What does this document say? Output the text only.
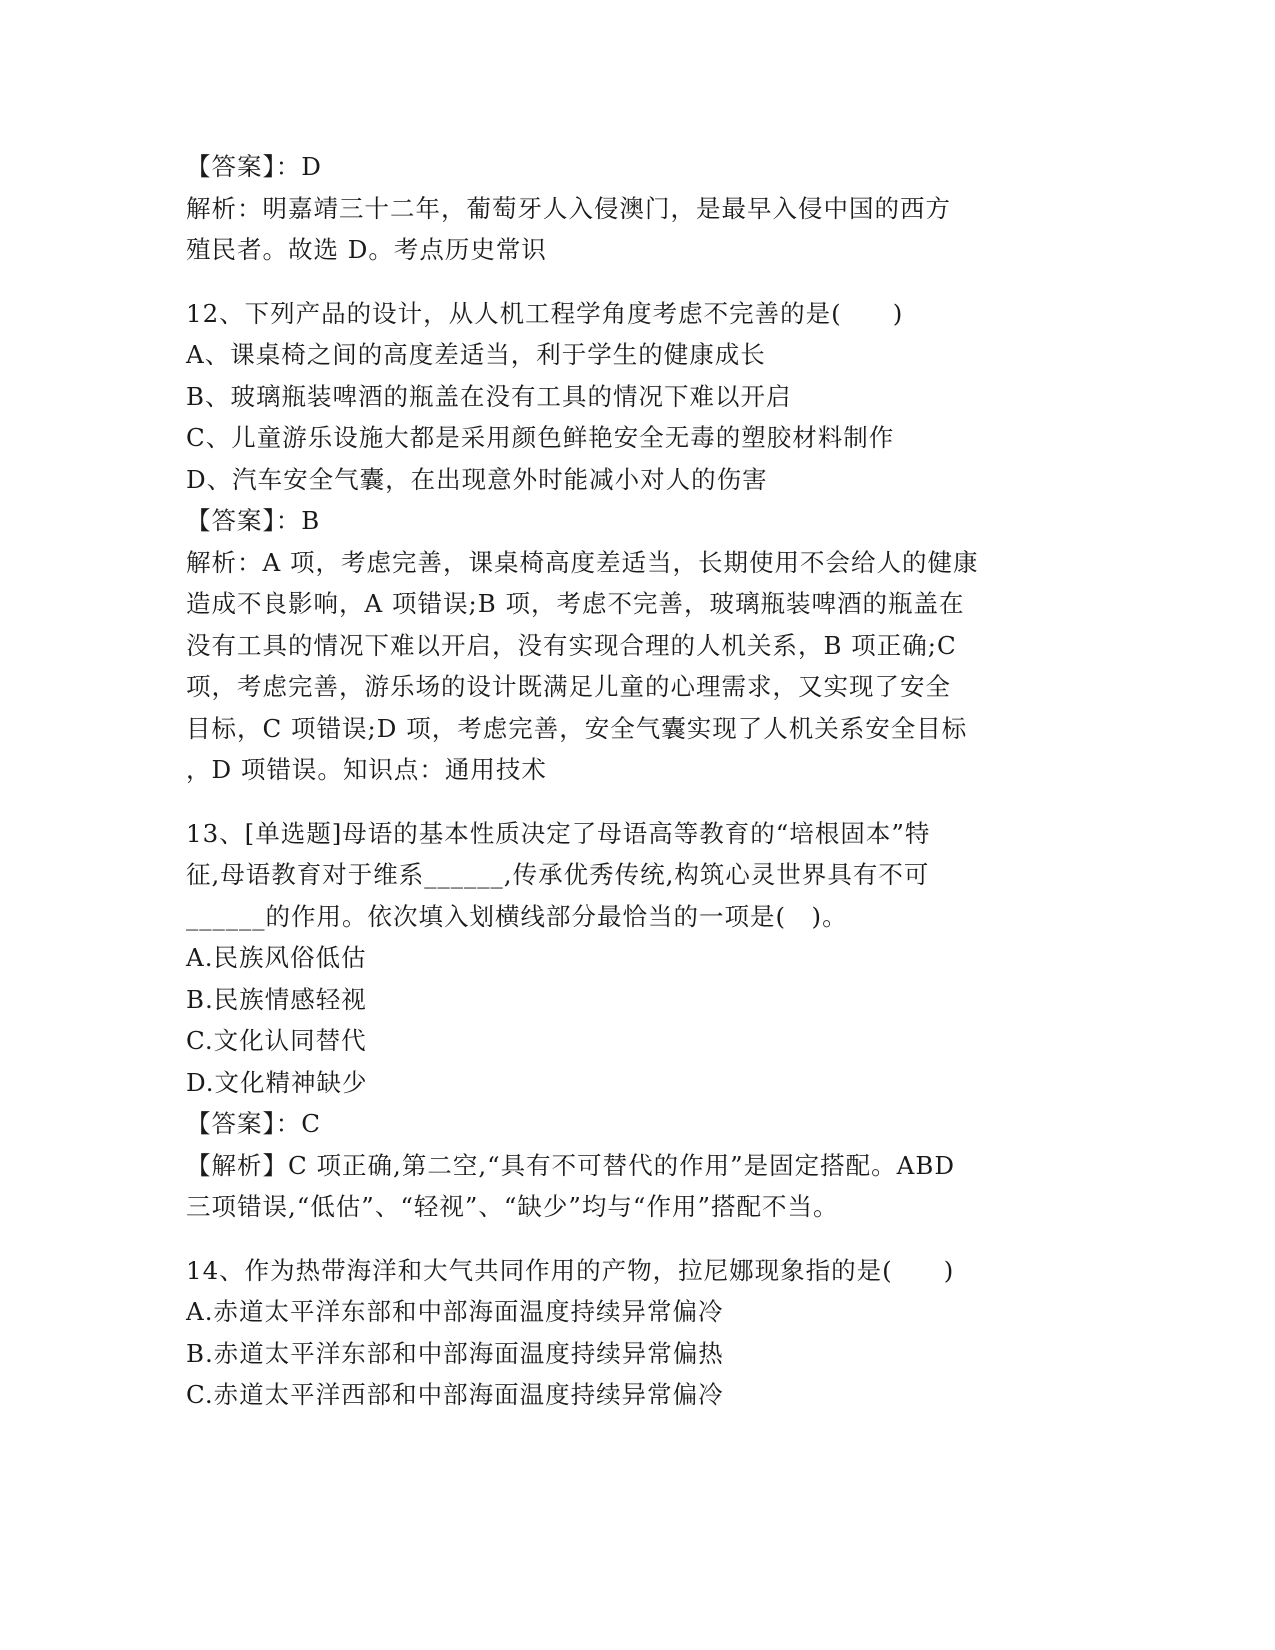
【答案】：D
解析：明嘉靖三十二年，葡萄牙人入侵澳门，是最早入侵中国的西方
殖民者。故选 D。考点历史常识
12、下列产品的设计，从人机工程学角度考虑不完善的是(　　)
A、课桌椅之间的高度差适当，利于学生的健康成长
B、玻璃瓶装啤酒的瓶盖在没有工具的情况下难以开启
C、儿童游乐设施大都是采用颜色鲜艳安全无毒的塑胶材料制作
D、汽车安全气囊，在出现意外时能减小对人的伤害
【答案】：B
解析：A 项，考虑完善，课桌椅高度差适当，长期使用不会给人的健康
造成不良影响，A 项错误;B 项，考虑不完善，玻璃瓶装啤酒的瓶盖在
没有工具的情况下难以开启，没有实现合理的人机关系，B 项正确;C
项，考虑完善，游乐场的设计既满足儿童的心理需求，又实现了安全
目标，C 项错误;D 项，考虑完善，安全气囊实现了人机关系安全目标
，D 项错误。知识点：通用技术
13、[单选题]母语的基本性质决定了母语高等教育的“培根固本”特
征,母语教育对于维系______,传承优秀传统,构筑心灵世界具有不可
______的作用。依次填入划横线部分最恰当的一项是(　)。
A.民族风俗低估
B.民族情感轻视
C.文化认同替代
D.文化精神缺少
【答案】：C
【解析】C 项正确,第二空,“具有不可替代的作用”是固定搭配。ABD
三项错误,“低估”、“轻视”、“缺少”均与“作用”搭配不当。
14、作为热带海洋和大气共同作用的产物，拉尼娜现象指的是(　　)
A.赤道太平洋东部和中部海面温度持续异常偏冷
B.赤道太平洋东部和中部海面温度持续异常偏热
C.赤道太平洋西部和中部海面温度持续异常偏冷
